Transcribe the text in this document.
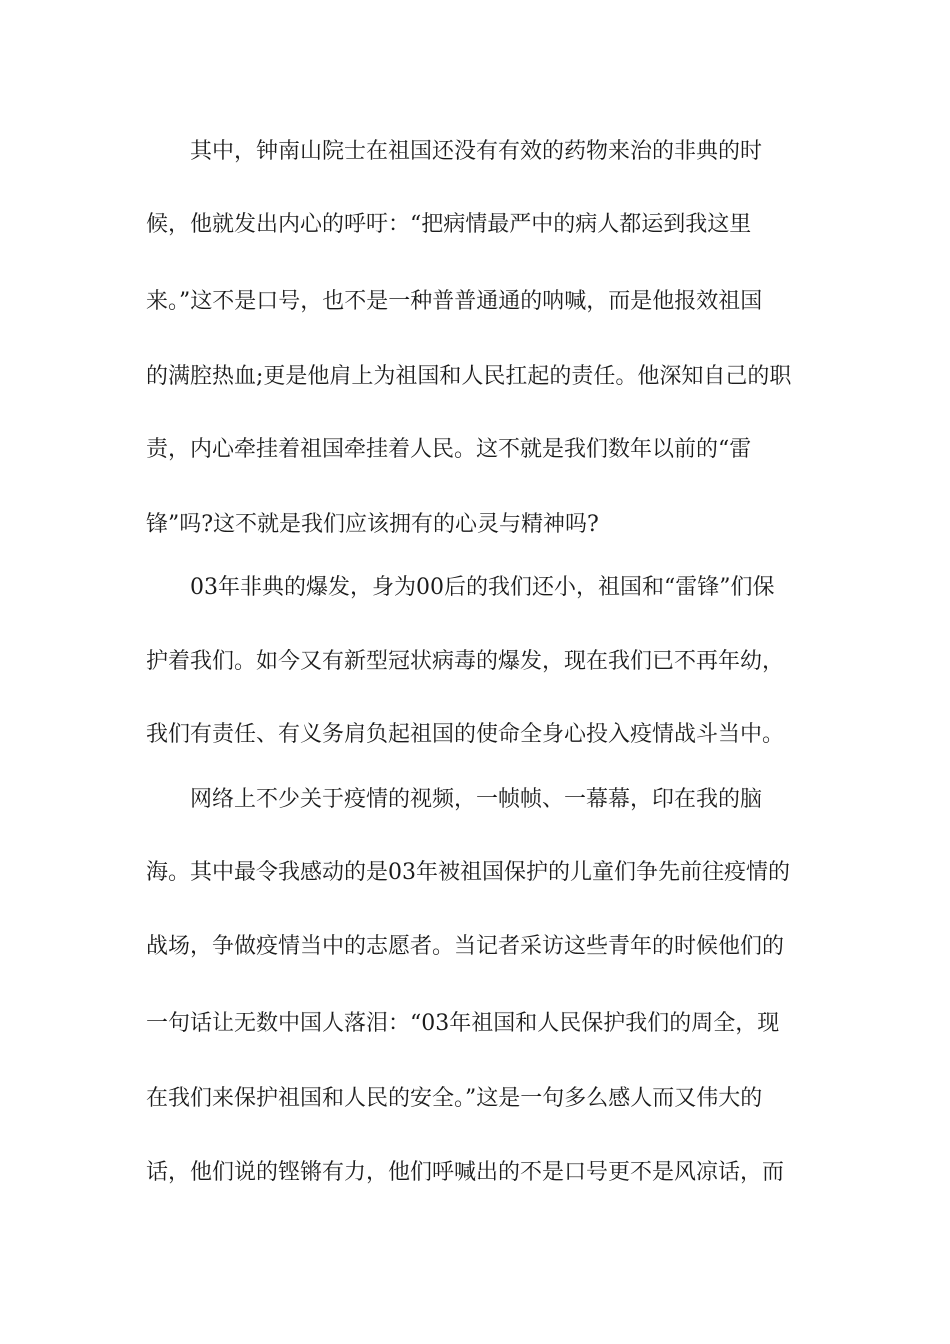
其中，钟南山院士在祖国还没有有效的药物来治的非典的时
候，他就发出内心的呼吁：“把病情最严中的病人都运到我这里
来。”这不是口号，也不是一种普普通通的呐喊，而是他报效祖国
的满腔热血;更是他肩上为祖国和人民扛起的责任。他深知自己的职
责，内心牵挂着祖国牵挂着人民。这不就是我们数年以前的“雷
锋”吗?这不就是我们应该拥有的心灵与精神吗?
03年非典的爆发，身为00后的我们还小，祖国和“雷锋”们保
护着我们。如今又有新型冠状病毒的爆发，现在我们已不再年幼，
我们有责任、有义务肩负起祖国的使命全身心投入疫情战斗当中。
网络上不少关于疫情的视频，一帧帧、一幕幕，印在我的脑
海。其中最令我感动的是03年被祖国保护的儿童们争先前往疫情的
战场，争做疫情当中的志愿者。当记者采访这些青年的时候他们的
一句话让无数中国人落泪：“03年祖国和人民保护我们的周全，现
在我们来保护祖国和人民的安全。”这是一句多么感人而又伟大的
话，他们说的铿锵有力，他们呼喊出的不是口号更不是风凉话，而
